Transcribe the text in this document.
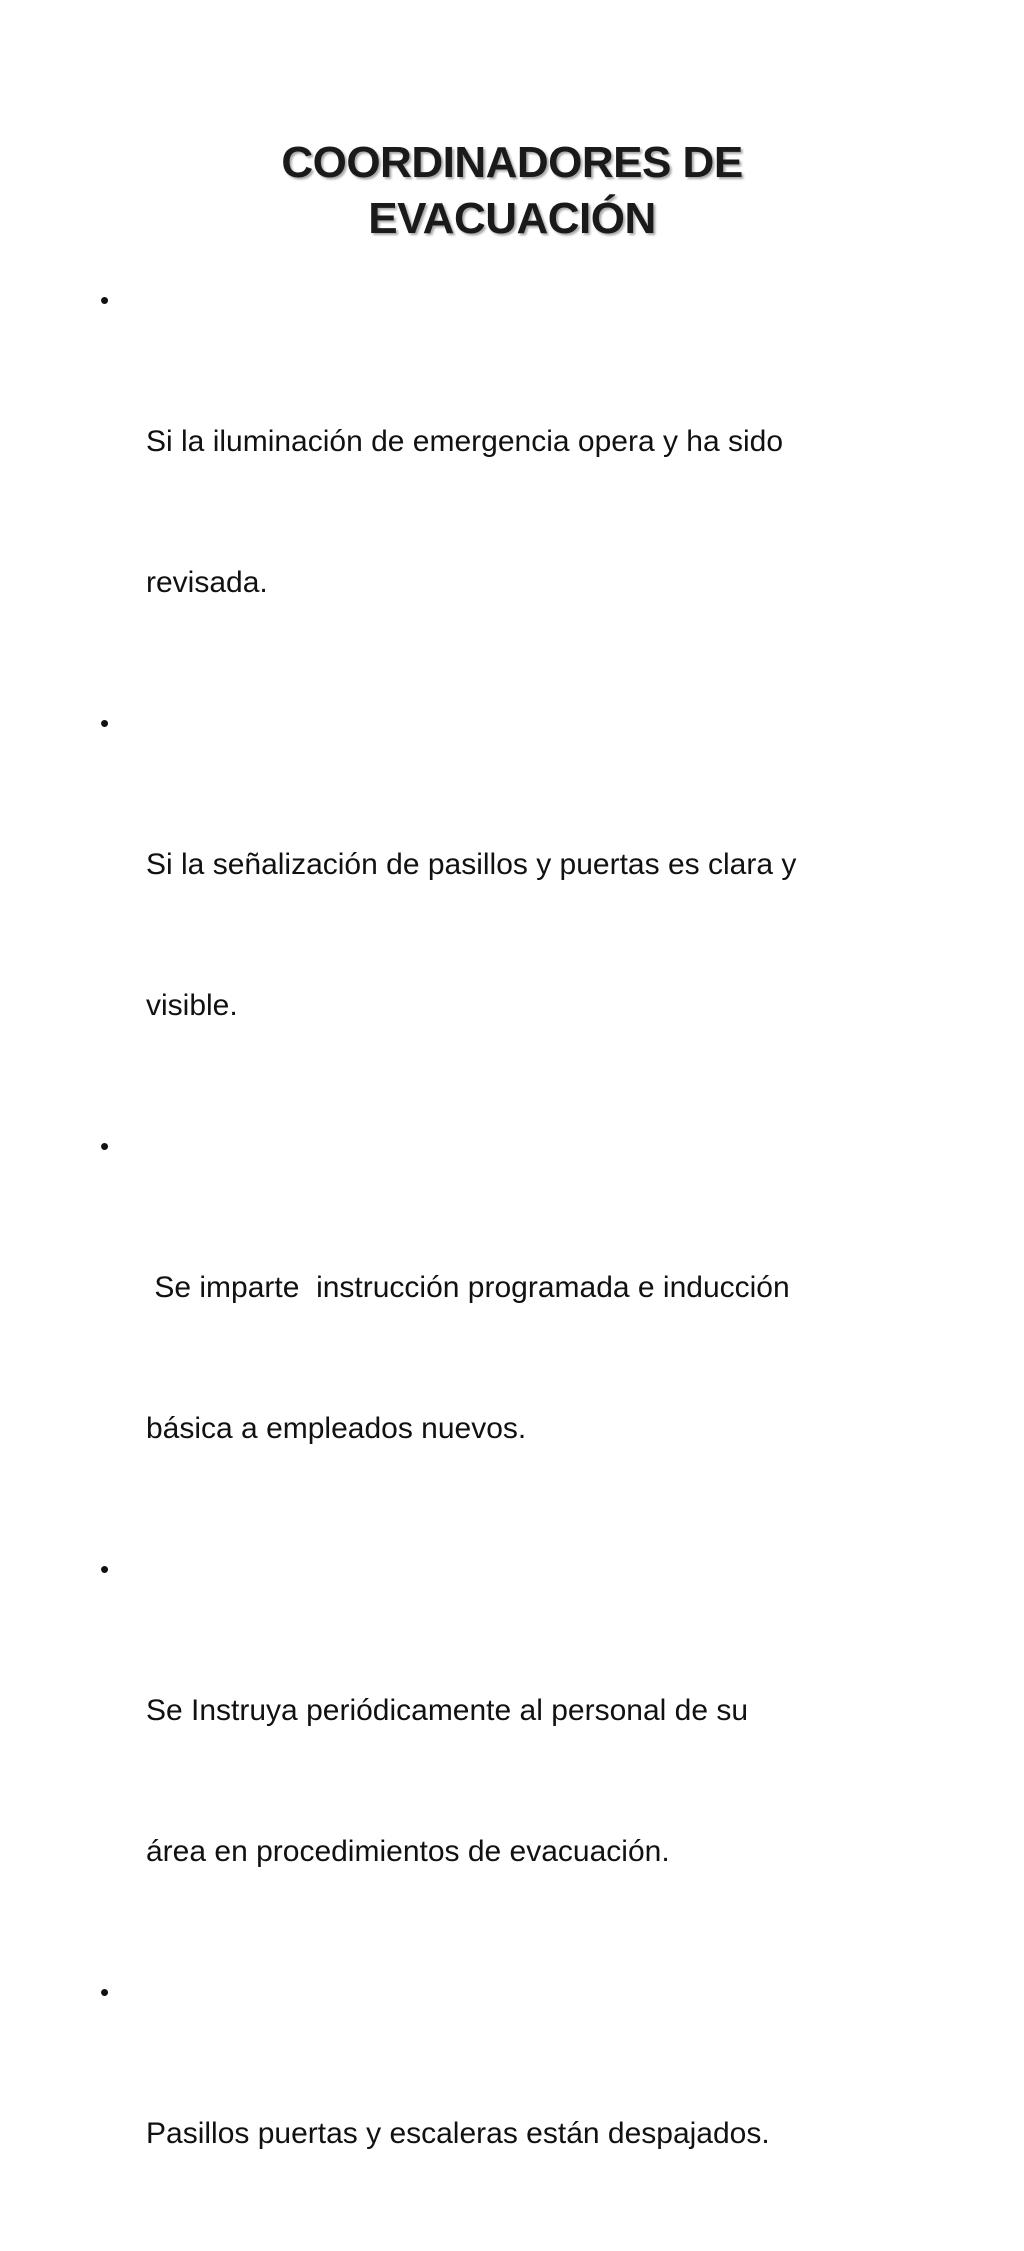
COORDINADORES DE
EVACUACIÓN

•

Si la iluminación de emergencia opera y ha sido

revisada.

•

Si la señalización de pasillos y puertas es clara y

visible.

•

Se imparte  instrucción programada e inducción

básica a empleados nuevos.

•

Se Instruya periódicamente al personal de su

área en procedimientos de evacuación.

•

Pasillos puertas y escaleras están despajados.
